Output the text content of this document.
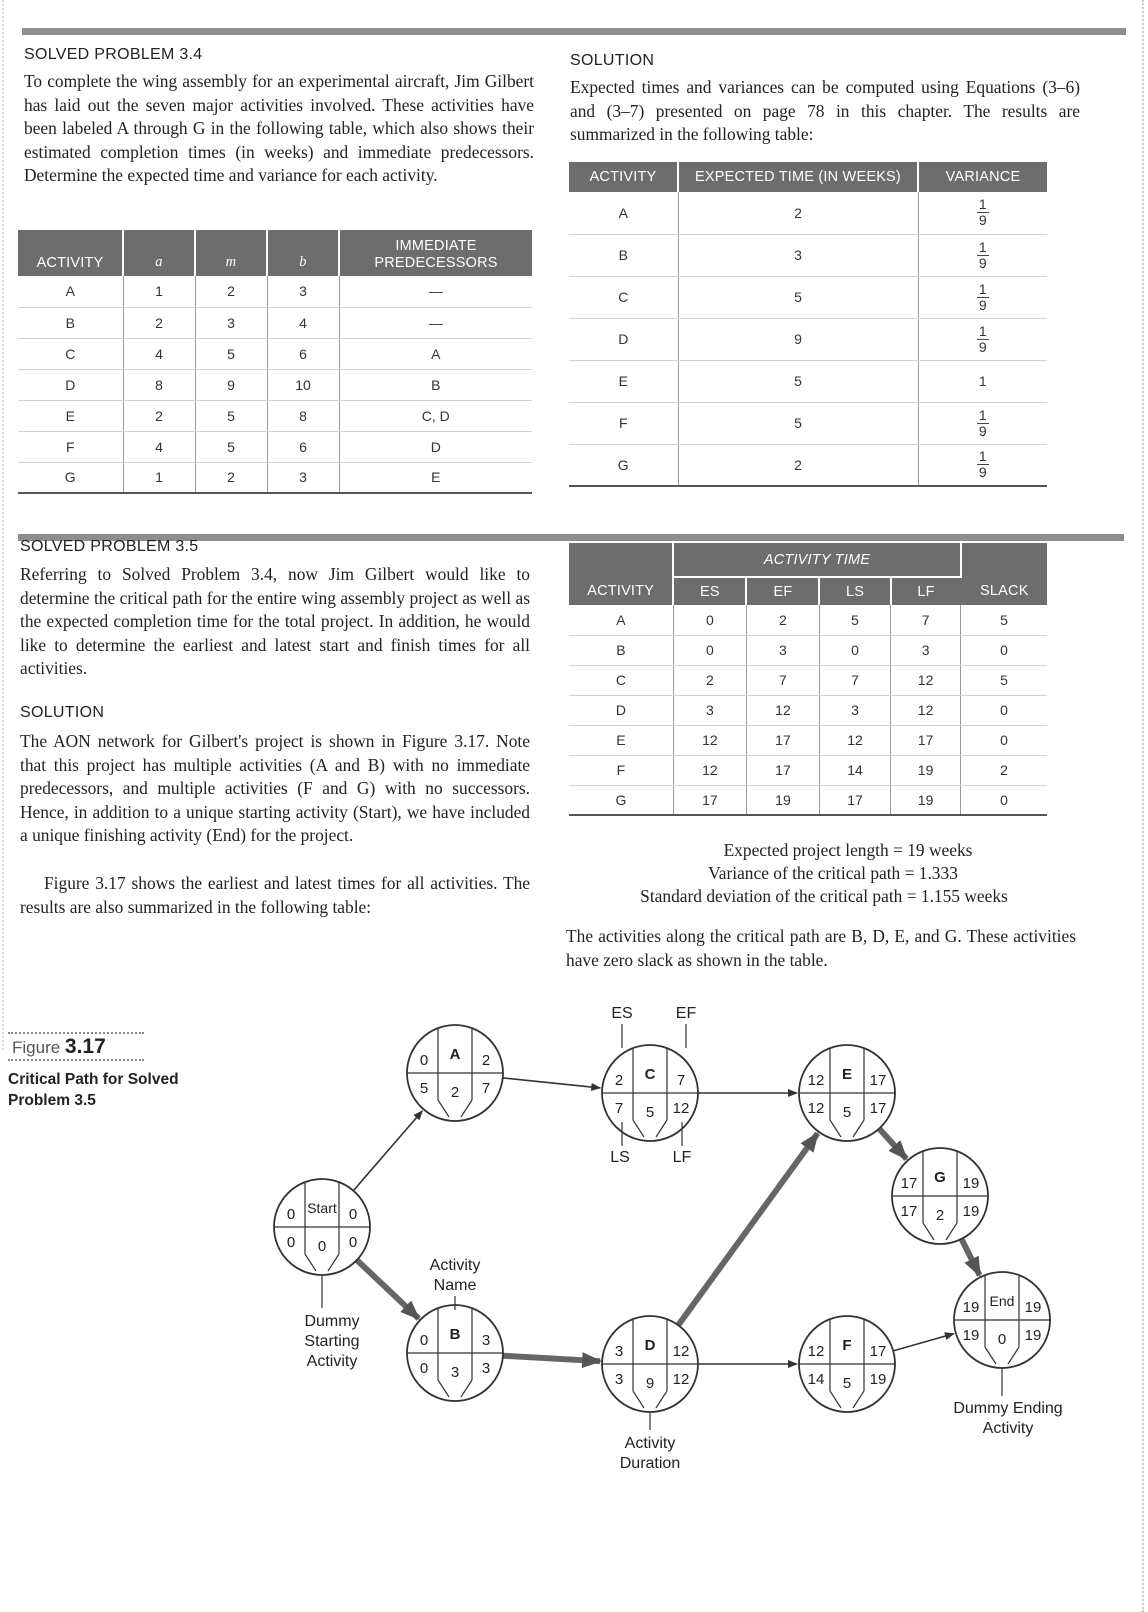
SOLVED PROBLEM 3.4
To complete the wing assembly for an experimental aircraft, Jim Gilbert has laid out the seven major activities involved. These activities have been labeled A through G in the following table, which also shows their estimated completion times (in weeks) and immediate predecessors. Determine the expected time and variance for each activity.
ACTIVITY	a	m	b	IMMEDIATE PREDECESSORS
A	1	2	3	—
B	2	3	4	—
C	4	5	6	A
D	8	9	10	B
E	2	5	8	C, D
F	4	5	6	D
G	1	2	3	E
SOLUTION
Expected times and variances can be computed using Equations (3–6) and (3–7) presented on page 78 in this chapter. The results are summarized in the following table:
ACTIVITY	EXPECTED TIME (IN WEEKS)	VARIANCE
A	2	$\frac{1}{9}$

B	3	$\frac{1}{9}$

C	5	$\frac{1}{9}$

D	9	$\frac{1}{9}$

E	5	1
F	5	$\frac{1}{9}$

G	2	$\frac{1}{9}$
SOLVED PROBLEM 3.5
Referring to Solved Problem 3.4, now Jim Gilbert would like to determine the critical path for the entire wing assembly project as well as the expected completion time for the total project. In addition, he would like to determine the earliest and latest start and finish times for all activities.
SOLUTION
The AON network for Gilbert's project is shown in Figure 3.17. Note that this project has multiple activities (A and B) with no immediate predecessors, and multiple activities (F and G) with no successors. Hence, in addition to a unique starting activity (Start), we have included a unique finishing activity (End) for the project.
Figure 3.17 shows the earliest and latest times for all activities. The results are also summarized in the following table:
ACTIVITY	ACTIVITY TIME				SLACK
	ES	EF	LS	LF	
A	0	2	5	7	5
B	0	3	0	3	0
C	2	7	7	12	5
D	3	12	3	12	0
E	12	17	12	17	0
F	12	17	14	19	2
G	17	19	17	19	0
Expected project length = 19 weeks
Variance of the critical path = 1.333
Standard deviation of the critical path = 1.155 weeks
The activities along the critical path are B, D, E, and G. These activities have zero slack as shown in the table.
Figure 3.17
Critical Path for Solved Problem 3.5
Start
0	0
0	0
0
A
0	2
5	7
2
B
0	3
0	3
3
C
2	7
7	12
5
D
3	12
3	12
9
E
12	17
12	17
5
F
12	17
14	19
5
G
17	19
17	19
2
End
19	19
19	19
0
ES	EF
LS	LF
Activity
Name
Activity
Duration
Dummy
Starting
Activity
Dummy Ending
Activity
